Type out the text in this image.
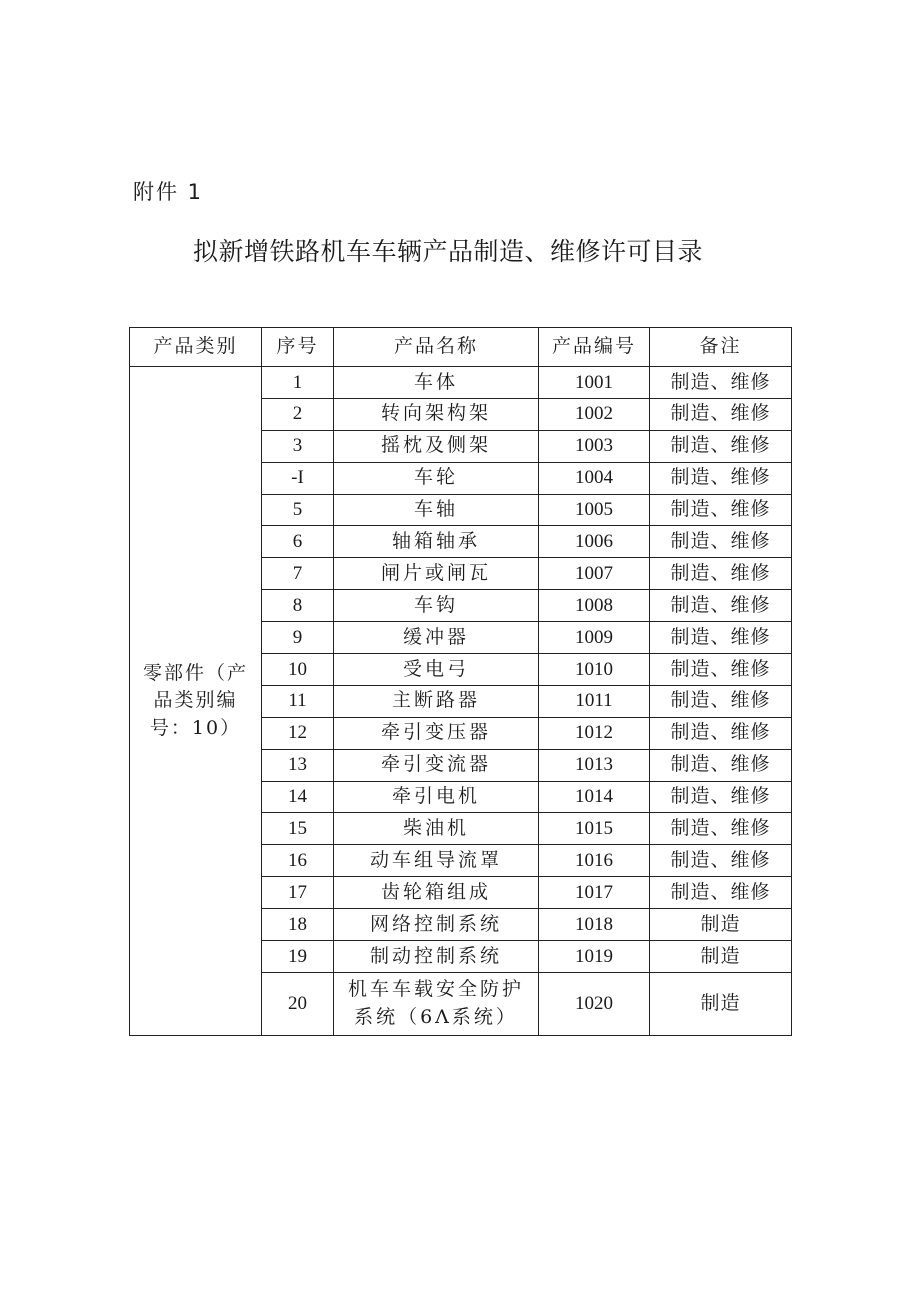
附件 1
拟新增铁路机车车辆产品制造、维修许可目录
产品类别	序号	产品名称	产品编号	备注
零部件（产品类别编号：10）	1	车体	1001	制造、维修
	2	转向架构架	1002	制造、维修
	3	摇枕及侧架	1003	制造、维修
	-I	车轮	1004	制造、维修
	5	车轴	1005	制造、维修
	6	轴箱轴承	1006	制造、维修
	7	闸片或闸瓦	1007	制造、维修
	8	车钩	1008	制造、维修
	9	缓冲器	1009	制造、维修
	10	受电弓	1010	制造、维修
	11	主断路器	1011	制造、维修
	12	牵引变压器	1012	制造、维修
	13	牵引变流器	1013	制造、维修
	14	牵引电机	1014	制造、维修
	15	柴油机	1015	制造、维修
	16	动车组导流罩	1016	制造、维修
	17	齿轮箱组成	1017	制造、维修
	18	网络控制系统	1018	制造
	19	制动控制系统	1019	制造
	20	机车车载安全防护系统（6Λ系统）	1020	制造
